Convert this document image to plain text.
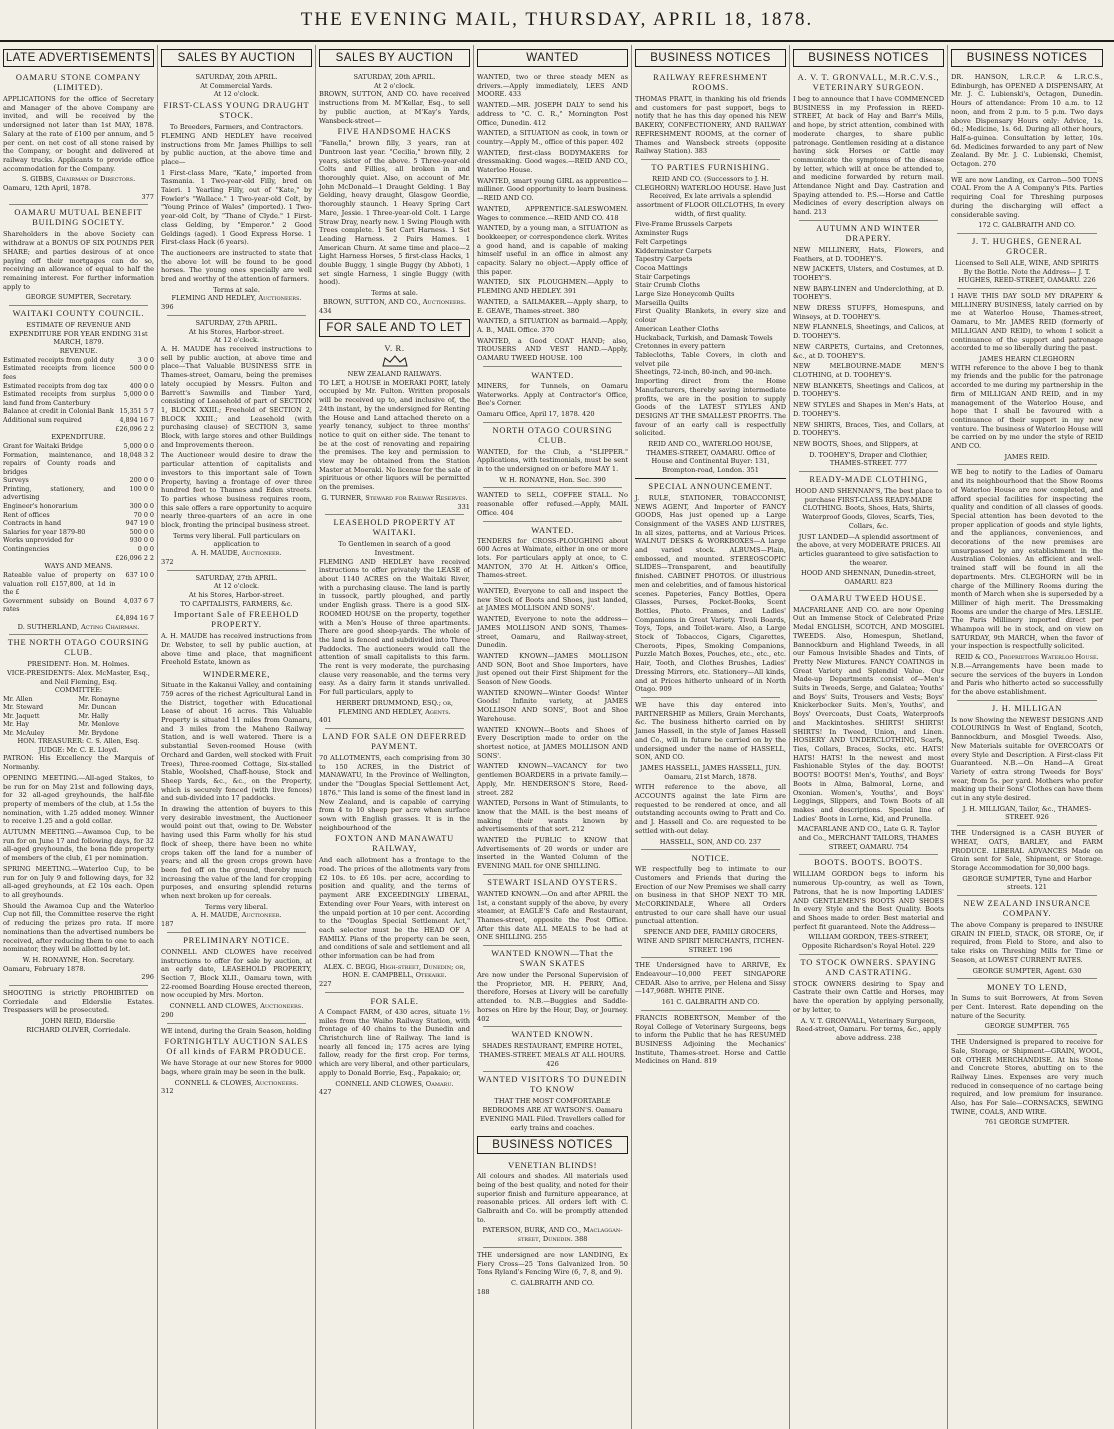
THE EVENING MAIL, THURSDAY, APRIL 18, 1878.
LATE ADVERTISEMENTS
OAMARU STONE COMPANY (LIMITED).

APPLICATIONS for the office of Secretary and Manager of the above Company are invited, and will be received by the undersigned not later than 1st MAY, 1878. Salary at the rate of £100 per annum, and 5 per cent. on net cost of all stone raised by the Company, or bought and delivered at railway trucks. Applicants to provide office accommodation for the Company.

S. GIBBS, Chairman of Directors.
Oamaru, 12th April, 1878.
377
OAMARU MUTUAL BENEFIT BUILDING SOCIETY.

Shareholders in the above Society can withdraw at a BONUS OF SIX POUNDS PER SHARE; and parties desirous of at once paying off their mortgages can do so, receiving an allowance of equal to half the remaining interest. For further information apply to

GEORGE SUMPTER, Secretary.
WAITAKI COUNTY COUNCIL.
ESTIMATE OF REVENUE AND EXPENDITURE FOR YEAR ENDING 31st MARCH, 1879.
REVENUE.
Estimated receipts from gold duty	3 0 0
Estimated receipts from licence fees	500 0 0
Estimated receipts from dog tax	400 0 0
Estimated receipts from surplus land fund from Canterbury	5,000 0 0
Balance at credit in Colonial Bank	15,351 5 7
Additional sum required	4,894 16 7
	£26,096 2 2
EXPENDITURE.
Grant for Waitaki Bridge	5,000 0 0
Formation, maintenance, and repairs of County roads and bridges	18,048 3 2
Surveys	200 0 0
Printing, stationery, and advertising	100 0 0
Engineer's honorarium	300 0 0
Rent of offices	70 0 0
Contracts in hand	947 19 0
Salaries for year 1879-80	500 0 0
Works unprovided for	930 0 0
Contingencies	0 0 0
	£26,096 2 2
WAYS AND MEANS.
Rateable value of property on valuation roll £157,800, at 1d in the £	637 10 0
Government subsidy on Bound rates	4,037 6 7
	£4,894 16 7
D. SUTHERLAND, Acting Chairman.
THE NORTH OTAGO COURSING CLUB.
PRESIDENT: Hon. M. Holmes.
VICE-PRESIDENTS: Alex. McMaster, Esq., and Neil Fleming, Esq.
COMMITTEE:
Mr. Allen
Mr. Steward
Mr. Jaquett
Mr. Hay
Mr. McAuley
Mr. Ronayne
Mr. Duncan
Mr. Hally
Mr. Menlove
Mr. Brydone
HON. TREASURER: C. S. Allen, Esq.
JUDGE: Mr. C. E. Lloyd.

PATRON: His Excellency the Marquis of Normanby.

OPENING MEETING.—All-aged Stakes, to be run for on May 21st and following days, for 32 all-aged greyhounds, the half-file property of members of the club, at 1.5s the nomination, with 1.25 added money. Winner to receive 1.25 and a gold collar.

AUTUMN MEETING.—Awamoa Cup, to be run for on June 17 and following days, for 32 all-aged greyhounds, the bona fide property of members of the club, £1 per nomination.

SPRING MEETING.—Waterloo Cup, to be run for on July 9 and following days, for 32 all-aged greyhounds, at £2 10s each. Open to all greyhounds.

Should the Awamoa Cup and the Waterloo Cup not fill, the Committee reserve the right of reducing the prizes pro rata. If more nominations than the advertised numbers be received, after reducing them to one to each nominator, they will be allotted by lot.

W. H. RONAYNE, Hon. Secretary.
Oamaru, February 1878.
296

SHOOTING is strictly PROHIBITED on Corriedale and Elderslie Estates. Trespassers will be prosecuted.

JOHN REID, Elderslie
RICHARD OLIVER, Corriedale.
SALES BY AUCTION
SATURDAY, 20th APRIL.
At Commercial Yards.
At 12 o'clock.
FIRST-CLASS YOUNG DRAUGHT STOCK.
To Breeders, Farmers, and Contractors.

FLEMING AND HEDLEY have received instructions from Mr. James Phillips to sell by public auction, at the above time and place—

1 First-class Mare, "Kate," imported from Tasmania. 1 Two-year-old Filly, bred on Taieri. 1 Yearling Filly, out of "Kate," by Fowler's "Wallace." 1 Two-year-old Colt, by "Young Prince of Wales" (imported). 1 Two-year-old Colt, by "Thane of Clyde." 1 First-class Gelding, by "Emperor." 2 Good Geldings (aged). 1 Good Express Horse. 1 First-class Hack (6 years).

The auctioneers are instructed to state that the above lot will be found to be good horses. The young ones specially are well bred and worthy of the attention of farmers.

Terms at sale.
FLEMING AND HEDLEY, Auctioneers.
396
SATURDAY, 27th APRIL.
At his Stores, Harbor-street.
At 12 o'clock.

A. H. MAUDE has received instructions to sell by public auction, at above time and place—That Valuable BUSINESS SITE in Thames-street, Oamaru, being the premises lately occupied by Messrs. Fulton and Barrett's Sawmills and Timber Yard, consisting of Leasehold of part of SECTION 1, BLOCK XXIII.; Freehold of SECTION 2, BLOCK XXIII.; and Leasehold (with purchasing clause) of SECTION 3, same Block, with large stores and other Buildings and Improvements thereon.

The Auctioneer would desire to draw the particular attention of capitalists and investors to this important sale of Town Property, having a frontage of over three hundred feet to Thames and Eden streets. To parties whose business requires room, this sale offers a rare opportunity to acquire nearly three-quarters of an acre in one block, fronting the principal business street.

Terms very liberal. Full particulars on application to
A. H. MAUDE, Auctioneer.
372
SATURDAY, 27th APRIL.
At 12 o'clock.
At his Stores, Harbor-street.
TO CAPITALISTS, FARMERS, &c.
Important Sale of FREEHOLD PROPERTY.

A. H. MAUDE has received instructions from Dr. Webster, to sell by public auction, at above time and place, that magnificent Freehold Estate, known as

WINDERMERE,

Situate in the Kakanui Valley, and containing 759 acres of the richest Agricultural Land in the District, together with Educational Lease of about 16 acres. This Valuable Property is situated 11 miles from Oamaru, and 3 miles from the Maheno Railway Station, and is well watered. There is a substantial Seven-roomed House (with Orchard and Garden, well stocked with Fruit Trees), Three-roomed Cottage, Six-stalled Stable, Woolshed, Chaff-house, Stock and Sheep Yards, &c., &c., on the Property, which is securely fenced (with live fences) and sub-divided into 17 paddocks.

In drawing the attention of buyers to this very desirable investment, the Auctioneer would point out that, owing to Dr. Webster having used this Farm wholly for his stud flock of sheep, there have been no white crops taken off the land for a number of years; and all the green crops grown have been fed off on the ground, thereby much increasing the value of the land for cropping purposes, and ensuring splendid returns when next broken up for cereals.

Terms very liberal.
A. H. MAUDE, Auctioneer.
187
PRELIMINARY NOTICE.

CONNELL AND CLOWES have received instructions to offer for sale by auction, at an early date, LEASEHOLD PROPERTY, Section 7, Block XLII., Oamaru town, with 22-roomed Boarding House erected thereon, now occupied by Mrs. Morton.

CONNELL AND CLOWES, Auctioneers.
290

WE intend, during the Grain Season, holding

FORTNIGHTLY AUCTION SALES Of all kinds of FARM PRODUCE.

We have Storage at our new Stores for 9000 bags, where grain may be seen in the bulk.

CONNELL & CLOWES, Auctioneers.
312
SALES BY AUCTION
SATURDAY, 20th APRIL.
At 2 o'clock.

BROWN, SUTTON, AND CO. have received instructions from M. M'Kellar, Esq., to sell by public auction, at M'Kay's Yards, Wansbeck-street—

FIVE HANDSOME HACKS

"Fanella," brown filly, 3 years, ran at Duntroon last year. "Cecilia," brown filly, 2 years, sister of the above. 5 Three-year-old Colts and Fillies, all broken in and thoroughly quiet. Also, on account of Mr. John McDonald—1 Draught Gelding. 1 Bay Gelding, heavy draught, Glasgow Geordie, thoroughly staunch. 1 Heavy Spring Cart Mare, Jessie. 1 Three-year-old Colt. 1 Large Straw Dray, nearly new. 1 Swing Plough with Trees complete. 1 Set Cart Harness. 1 Set Leading Harness. 2 Pairs Hames. 1 American Churn. At same time and place—2 Light Harness Horses, 5 first-class Hacks, 1 double Buggy, 1 single Buggy (by Abbot), 1 set single Harness, 1 single Buggy (with hood).

Terms at sale.
BROWN, SUTTON, AND CO., Auctioneers.
434
FOR SALE AND TO LET
V. R.
NEW ZEALAND RAILWAYS.

TO LET, a HOUSE in MOERAKI PORT, lately occupied by Mr. Fulton. Written proposals will be received up to, and inclusive of, the 24th instant, by the undersigned for Renting the House and Land attached thereto on a yearly tenancy, subject to three months' notice to quit on either side. The tenant to be at the cost of renovating and repairing the premises. The key and permission to view may be obtained from the Station Master at Moeraki. No license for the sale of spirituous or other liquors will be permitted on the premises.

G. TURNER, Steward for Railway Reserves.
331
LEASEHOLD PROPERTY AT WAITAKI.
To Gentlemen in search of a good Investment.

FLEMING AND HEDLEY have received instructions to offer privately the LEASE of about 1140 ACRES on the Waitaki River, with a purchasing clause. The land is partly in tussock, partly ploughed, and partly under English grass. There is a good SIX-ROOMED HOUSE on the property, together with a Men's House of three apartments. There are good sheep-yards. The whole of the land is fenced and subdivided into Three Paddocks. The auctioneers would call the attention of small capitalists to this farm. The rent is very moderate, the purchasing clause very reasonable, and the terms very easy. As a dairy farm it stands unrivalled. For full particulars, apply to

HERBERT DRUMMOND, ESQ.; or, FLEMING AND HEDLEY, Agents.
401
LAND FOR SALE ON DEFERRED PAYMENT.

70 ALLOTMENTS, each comprising from 30 to 150 ACRES, in the District of MANAWATU, In the Province of Wellington, under the "Douglas Special Settlement Act, 1876." This land is some of the finest land in New Zealand, and is capable of carrying from 4 to 10 sheep per acre when surface sown with English grasses. It is in the neighbourhood of the

FOXTON AND MANAWATU RAILWAY,

And each allotment has a frontage to the road. The prices of the allotments vary from £2 10s. to £6 10s. per acre, according to position and quality, and the terms of payment ARE EXCEEDINGLY LIBERAL, Extending over Four Years, with interest on the unpaid portion at 10 per cent. According to the "Douglas Special Settlement Act," each selector must be the HEAD OF A FAMILY. Plans of the property can be seen, and conditions of sale and settlement and all other information can be had from

ALEX. C. BEGG, High-street, Dunedin; or, HON. E. CAMPBELL, Otekaike.
227
FOR SALE.

A Compact FARM, of 430 acres, situate 1½ miles from the Waiho Railway Station, with frontage of 40 chains to the Dunedin and Christchurch line of Railway. The land is nearly all fenced in; 175 acres are lying fallow, ready for the first crop. For terms, which are very liberal, and other particulars, apply to Donald Borrie, Esq., Papakaio; or,

CONNELL AND CLOWES, Oamaru.
427
WANTED

WANTED, two or three steady MEN as drivers.—Apply immediately, LEES AND MOORE. 433

WANTED.—MR. JOSEPH DALY to send his address to "C. C. R.," Mornington Post Office, Dunedin. 412

WANTED, a SITUATION as cook, in town or country.—Apply M., office of this paper. 402

WANTED, first-class BODYMAKERS for dressmaking. Good wages.—REID AND CO., Waterloo House.

WANTED, smart young GIRL as apprentice—milliner. Good opportunity to learn business.—REID AND CO.

WANTED, APPRENTICE-SALESWOMEN. Wages to commence.—REID AND CO. 418

WANTED, by a young man, a SITUATION as bookkeeper, or correspondence clerk. Writes a good hand, and is capable of making himself useful in an office in almost any capacity. Salary no object.—Apply office of this paper.

WANTED, SIX PLOUGHMEN.—Apply to FLEMING AND HEDLEY. 391

WANTED, a SAILMAKER.—Apply sharp, to E. GEAVE, Thames-street. 380

WANTED, a SITUATION as barmaid.—Apply, A. B., MAIL Office. 370

WANTED, a Good COAT HAND; also, TROUSERS AND VEST HAND.—Apply, OAMARU TWEED HOUSE. 100

WANTED.

MINERS, for Tunnels, on Oamaru Waterworks. Apply at Contractor's Office, Bee's Corner.

Oamaru Office, April 17, 1878. 420
NORTH OTAGO COURSING CLUB.

WANTED, for the Club, a "SLIPPER." Applications, with testimonials, must be sent in to the undersigned on or before MAY 1.

W. H. RONAYNE, Hon. Sec. 390

WANTED to SELL, COFFEE STALL. No reasonable offer refused.—Apply, MAIL Office. 404

WANTED.

TENDERS for CROSS-PLOUGHING about 600 Acres at Waimate, either in one or more lots. For particulars apply at once, to C. MANTON, 370 At H. Aitken's Office, Thames-street.

WANTED, Everyone to call and inspect the new Stock of Boots and Shoes, just landed, at JAMES MOLLISON AND SONS'.

WANTED, Everyone to note the address—JAMES MOLLISON AND SONS, Thames-street, Oamaru, and Railway-street, Dunedin.

WANTED KNOWN—JAMES MOLLISON AND SON, Boot and Shoe Importers, have just opened out their First Shipment for the Season of New Goods.

WANTED KNOWN—Winter Goods! Winter Goods! Infinite variety, at JAMES MOLLISON AND SONS', Boot and Shoe Warehouse.

WANTED KNOWN—Boots and Shoes of Every Description made to order on the shortest notice, at JAMES MOLLISON AND SONS'.

WANTED KNOWN—VACANCY for two gentlemen BOARDERS in a private family.—Apply, Mr. HENDERSON'S Store, Reed-street. 282

WANTED, Persons in Want of Stimulants, to know that the MAIL is the best means of making their wants known by advertisements of that sort. 212

WANTED the PUBLIC to KNOW that Advertisements of 20 words or under are inserted in the Wanted Column of the EVENING MAIL for ONE SHILLING.

STEWART ISLAND OYSTERS.

WANTED KNOWN.—On and after APRIL the 1st, a constant supply of the above, by every steamer, at EAGLE'S Cafe and Restaurant, Thames-street, opposite the Post Office. After this date ALL MEALS to be had at ONE SHILLING. 255

WANTED KNOWN—That the SWAN SKATES

Are now under the Personal Supervision of the Proprietor, MR. H. PERRY, And, therefore, Horses at Livery will be carefully attended to. N.B.—Buggies and Saddle-horses on Hire by the Hour, Day, or Journey. 402

WANTED KNOWN.

SHADES RESTAURANT, EMPIRE HOTEL, THAMES-STREET. MEALS AT ALL HOURS. 426

WANTED VISITORS TO DUNEDIN TO KNOW

THAT THE MOST COMFORTABLE BEDROOMS ARE AT WATSON'S. Oamaru EVENING MAIL Filed. Travellers called for early trains and coaches.

BUSINESS NOTICES
VENETIAN BLINDS!

All colours and shades. All materials used being of the best quality, and noted for their superior finish and furniture appearance, at reasonable prices. All orders left with C. Galbraith and Co. will be promptly attended to.

PATERSON, BURK, AND CO., Maclaggan-street, Dunedin. 388

THE undersigned are now LANDING, Ex Fiery Cross—25 Tons Galvanized Iron. 50 Tons Ryland's Fencing Wire (6, 7, 8, and 9).

C. GALBRAITH AND CO.
188
BUSINESS NOTICES
RAILWAY REFRESHMENT ROOMS.

THOMAS PRATT, in thanking his old friends and customers for past support, begs to notify that he has this day opened his NEW BAKERY, CONFECTIONERY, AND RAILWAY REFRESHMENT ROOMS, at the corner of Thames and Wansbeck streets (opposite Railway Station). 383

TO PARTIES FURNISHING.

REID AND CO. (Successors to J. H. CLEGHORN) WATERLOO HOUSE. Have Just Received, Ex late arrivals a splendid assortment of FLOOR OILCLOTHS, In every width, of first quality.

Five-Frame Brussels Carpets
Axminster Rugs
Felt Carpetings
Kidderminster Carpets
Tapestry Carpets
Cocoa Mattings
Stair Carpetings
Stair Crumb Cloths
Large Size Honeycomb Quilts
Marseilla Quilts
First Quality Blankets, in every size and colour
American Leather Cloths
Huckaback, Turkish, and Damask Towels
Cretonnes in every pattern
Tablecloths, Table Covers, in cloth and velvet pile
Sheetings, 72-inch, 80-inch, and 90-inch.

Importing direct from the Home Manufacturers, thereby saving intermediate profits, we are in the position to supply Goods of the LATEST STYLES AND DESIGNS AT THE SMALLEST PROFITS. The favour of an early call is respectfully solicited.

REID AND CO., WATERLOO HOUSE, THAMES-STREET, OAMARU. Office of House and Continental Buyer: 131, Brompton-road, London. 351

SPECIAL ANNOUNCEMENT.

J. RULE, STATIONER, TOBACCONIST, NEWS AGENT, And Importer of FANCY GOODS, Has just opened up a Large Consignment of the VASES AND LUSTRES, In all sizes, patterns, and at Various Prices. WALNUT DESKS & WORKBOXES—A large and varied stock. ALBUMS—Plain, embossed, and mounted. STEREOSCOPIC SLIDES—Transparent, and beautifully finished. CABINET PHOTOS. Of illustrious men and celebrities, and of famous historical scenes. Papeteries, Fancy Bottles, Opera Glasses, Purses, Pocket-Books, Scent Bottles, Photo. Frames, and Ladies' Companions in Great Variety. Tivoli Boards, Toys, Tops, and Toilet-ware. Also, a Large Stock of Tobaccos, Cigars, Cigarettes, Cheroots, Pipes, Smoking Companions, Puzzle Match Boxes, Pouches, etc., etc., etc. Hair, Tooth, and Clothes Brushes, Ladies' Dressing Mirrors, etc. Stationery—All kinds, and at Prices hitherto unheard of in North Otago. 909

WE have this day entered into PARTNERSHIP as Millers, Grain Merchants, &c. The business hitherto carried on by James Hassell, in the style of James Hassell and Co., will in future be carried on by the undersigned under the name of HASSELL, SON, AND CO.

JAMES HASSELL, JAMES HASSELL, JUN. Oamaru, 21st March, 1878.

WITH reference to the above, all ACCOUNTS against the late Firm are requested to be rendered at once, and all outstanding accounts owing to Pratt and Co. and J. Hassell and Co. are requested to be settled with-out delay.

HASSELL, SON, AND CO. 237
NOTICE.

WE respectfully beg to intimate to our Customers and Friends that during the Erection of our New Premises we shall carry on business in that SHOP NEXT TO MR. McCORKINDALE, Where all Orders entrusted to our care shall have our usual punctual attention.

SPENCE AND DEE, FAMILY GROCERS, WINE AND SPIRIT MERCHANTS, ITCHEN-STREET. 196

THE Undersigned have to ARRIVE, Ex Endeavour—10,000 FEET SINGAPORE CEDAR. Also to arrive, per Helena and Sissy—147,968ft. WHITE PINE.

161 C. GALBRAITH AND CO.

FRANCIS ROBERTSON, Member of the Royal College of Veterinary Surgeons, begs to inform the Public that he has RESUMED BUSINESS Adjoining the Mechanics' Institute, Thames-street. Horse and Cattle Medicines on Hand. 819

BUSINESS NOTICES
A. V. T. GRONVALL, M.R.C.V.S., VETERINARY SURGEON.

I beg to announce that I have COMMENCED BUSINESS in my Profession in REED-STREET, At back of Hay and Barr's Mills, and hope, by strict attention, combined with moderate charges, to share public patronage. Gentlemen residing at a distance having sick Horses or Cattle may communicate the symptoms of the disease by letter, which will at once be attended to, and medicine forwarded by return mail. Attendance Night and Day. Castration and Spaying attended to. P.S.—Horse and Cattle Medicines of every description always on hand. 213

AUTUMN AND WINTER DRAPERY.

NEW MILLINERY, Hats, Flowers, and Feathers, at D. TOOHEY'S.

NEW JACKETS, Ulsters, and Costumes, at D. TOOHEY'S.

NEW BABY-LINEN and Underclothing, at D. TOOHEY'S.

NEW DRESS STUFFS, Homespuns, and Winseys, at D. TOOHEY'S.

NEW FLANNELS, Sheetings, and Calicos, at D. TOOHEY'S.

NEW CARPETS, Curtains, and Cretonnes, &c., at D. TOOHEY'S.

NEW MELBOURNE-MADE MEN'S CLOTHING, at D. TOOHEY'S.

NEW BLANKETS, Sheetings and Calicos, at D. TOOHEY'S.

NEW STYLES and Shapes in Men's Hats, at D. TOOHEY'S.

NEW SHIRTS, Braces, Ties, and Collars, at D. TOOHEY'S.

NEW BOOTS, Shoes, and Slippers, at

D. TOOHEY'S, Draper and Clothier, THAMES-STREET. 777

READY-MADE CLOTHING,

HOOD AND SHENNAN'S, The best place to purchase FIRST-CLASS READY-MADE CLOTHING. Boots, Shoes, Hats, Shirts, Waterproof Goods, Gloves, Scarfs, Ties, Collars, &c.

JUST LANDED—A splendid assortment of the above, at very MODERATE PRICES. All articles guaranteed to give satisfaction to the wearer.

HOOD AND SHENNAN, Dunedin-street, OAMARU. 823

OAMARU TWEED HOUSE.

MACFARLANE AND CO. are now Opening Out an Immense Stock of Celebrated Prize Medal ENGLISH, SCOTCH, AND MOSGIEL TWEEDS. Also, Homespun, Shetland, Bannockburn and Highland Tweeds, in all our Famous Invisible Shades and Tints, of Pretty New Mixtures. FANCY COATINGS in Great Variety and Splendid Value. Our Made-up Departments consist of—Men's Suits in Tweeds, Serge, and Galatea; Youths' and Boys' Suits, Trousers and Vests; Boys' Knickerbocker Suits. Men's, Youths', and Boys' Overcoats, Dust Coats, Waterproofs and Mackintoshes. SHIRTS! SHIRTS! SHIRTS! In Tweed, Union, and Linen. HOSIERY AND UNDERCLOTHING, Scarfs, Ties, Collars, Braces, Socks, etc. HATS! HATS! HATS! In the newest and most Fashionable Styles of the day. BOOTS! BOOTS! BOOTS! Men's, Youths', and Boys' Boots in Alma, Balmoral, Lorne, and Oxonian. Women's, Youths', and Boys' Leggings, Slippers, and Town Boots of all makes and descriptions. Special line of Ladies' Boots in Lorne, Kid, and Prunella.

MACFARLANE AND CO., Late G. R. Taylor and Co., MERCHANT TAILORS, THAMES STREET, OAMARU. 754

BOOTS. BOOTS. BOOTS.

WILLIAM GORDON begs to inform his numerous Up-country, as well as Town, Patrons, that he is now Importing LADIES' AND GENTLEMEN'S BOOTS AND SHOES In every Style and the Best Quality. Boots and Shoes made to order. Best material and perfect fit guaranteed. Note the Address—

WILLIAM GORDON, TEES-STREET, Opposite Richardson's Royal Hotel. 229

TO STOCK OWNERS. SPAYING AND CASTRATING.

STOCK OWNERS desiring to Spay and Castrate their own Cattle and Horses, may have the operation by applying personally, or by letter, to

A. V. T. GRONVALL, Veterinary Surgeon, Reed-street, Oamaru. For terms, &c., apply above address. 238

BUSINESS NOTICES

DR. HANSON, L.R.C.P. & L.R.C.S., Edinburgh, has OPENED A DISPENSARY, At Mr. J. C. Lubienski's, Octagon, Dunedin. Hours of attendance: From 10 a.m. to 12 noon, and from 2 p.m. to 5 p.m. Two days above Dispensary Hours only: Advice, 1s. 6d.; Medicine, 1s. 6d. During all other hours, Half-a-guinea. Consultation by letter, 10s. 6d. Medicines forwarded to any part of New Zealand. By Mr. J. C. Lubienski, Chemist, Octagon. 270

WE are now Landing, ex Carron—500 TONS COAL From the A A Company's Pits. Parties requiring Coal for Threshing purposes during the discharging will effect a considerable saving.

172 C. GALBRAITH AND CO.
J. T. HUGHES, GENERAL GROCER.

Licensed to Sell ALE, WINE, AND SPIRITS By the Bottle. Note the Address— J. T. HUGHES, REED-STREET, OAMARU. 226

I HAVE THIS DAY SOLD MY DRAPERY & MILLINERY BUSINESS, lately carried on by me at Waterloo House, Thames-street, Oamaru, to Mr. JAMES REID (formerly of MILLIGAN AND REID), to whom I solicit a continuance of the support and patronage accorded to me so liberally during the past.

JAMES HEARN CLEGHORN

WITH reference to the above I beg to thank my friends and the public for the patronage accorded to me during my partnership in the firm of MILLIGAN AND REID, and in my management of the Waterloo House, and hope that I shall be favoured with a continuance of their support in my new venture. The business of Waterloo House will be carried on by me under the style of REID AND CO.

JAMES REID.

WE beg to notify to the Ladies of Oamaru and its neighbourhood that the Show Rooms of Waterloo House are now completed, and afford special facilities for inspecting the quality and condition of all classes of goods. Special attention has been devoted to the proper application of goods and style lights, and the appliances, conveniences, and decorations of the new premises are unsurpassed by any establishment in the Australian Colonies. An efficient and well-trained staff will be found in all the departments. Mrs. CLEGHORN will be in charge of the Millinery Rooms during the month of March when she is superseded by a Milliner of high merit. The Dressmaking Rooms are under the charge of Mrs. LESLIE. The Paris Millinery imported direct per Whampoa will be in stock, and on view on SATURDAY, 9th MARCH, when the favor of your inspection is respectfully solicited.

REID & CO., Proprietors Waterloo House.

N.B.—Arrangements have been made to secure the services of the buyers in London and Paris who hitherto acted so successfully for the above establishment.

J. H. MILLIGAN

Is now Showing the NEWEST DESIGNS AND COLOURINGS In West of England, Scotch, Bannockburn, and Mosgiel Tweeds. Also, New Materials suitable for OVERCOATS Of every Style and Description. A First-class Fit Guaranteed. N.B.—On Hand—A Great Variety of extra strong Tweeds for Boys' wear, from 5s. per yard. Mothers who prefer making up their Sons' Clothes can have them cut in any style desired.

J. H. MILLIGAN, Tailor, &c., THAMES-STREET. 926

THE Undersigned is a CASH BUYER of WHEAT, OATS, BARLEY, and FARM PRODUCE. LIBERAL ADVANCES Made on Grain sent for Sale, Shipment, or Storage. Storage Accommodation for 30,000 bags.

GEORGE SUMPTER, Tyne and Harbor streets. 121

NEW ZEALAND INSURANCE COMPANY.

The above Company is prepared to INSURE GRAIN IN FIELD, STACK, OR STORE, Or, if required, from Field to Store, and also to take risks on Threshing Mills for Time or Season, at LOWEST CURRENT RATES.

GEORGE SUMPTER, Agent. 630

MONEY TO LEND,

In Sums to suit Borrowers, At from Seven per Cent. Interest. Rate depending on the nature of the Security.

GEORGE SUMPTER. 765

THE Undersigned is prepared to receive for Sale, Storage, or Shipment—GRAIN, WOOL, OR OTHER MERCHANDISE. At his Stone and Concrete Stores, abutting on to the Railway Lines. Expenses are very much reduced in consequence of no cartage being required, and low premium for insurance. Also, has For Sale—CORNSACKS, SEWING TWINE, COALS, AND WIRE.

761 GEORGE SUMPTER.
